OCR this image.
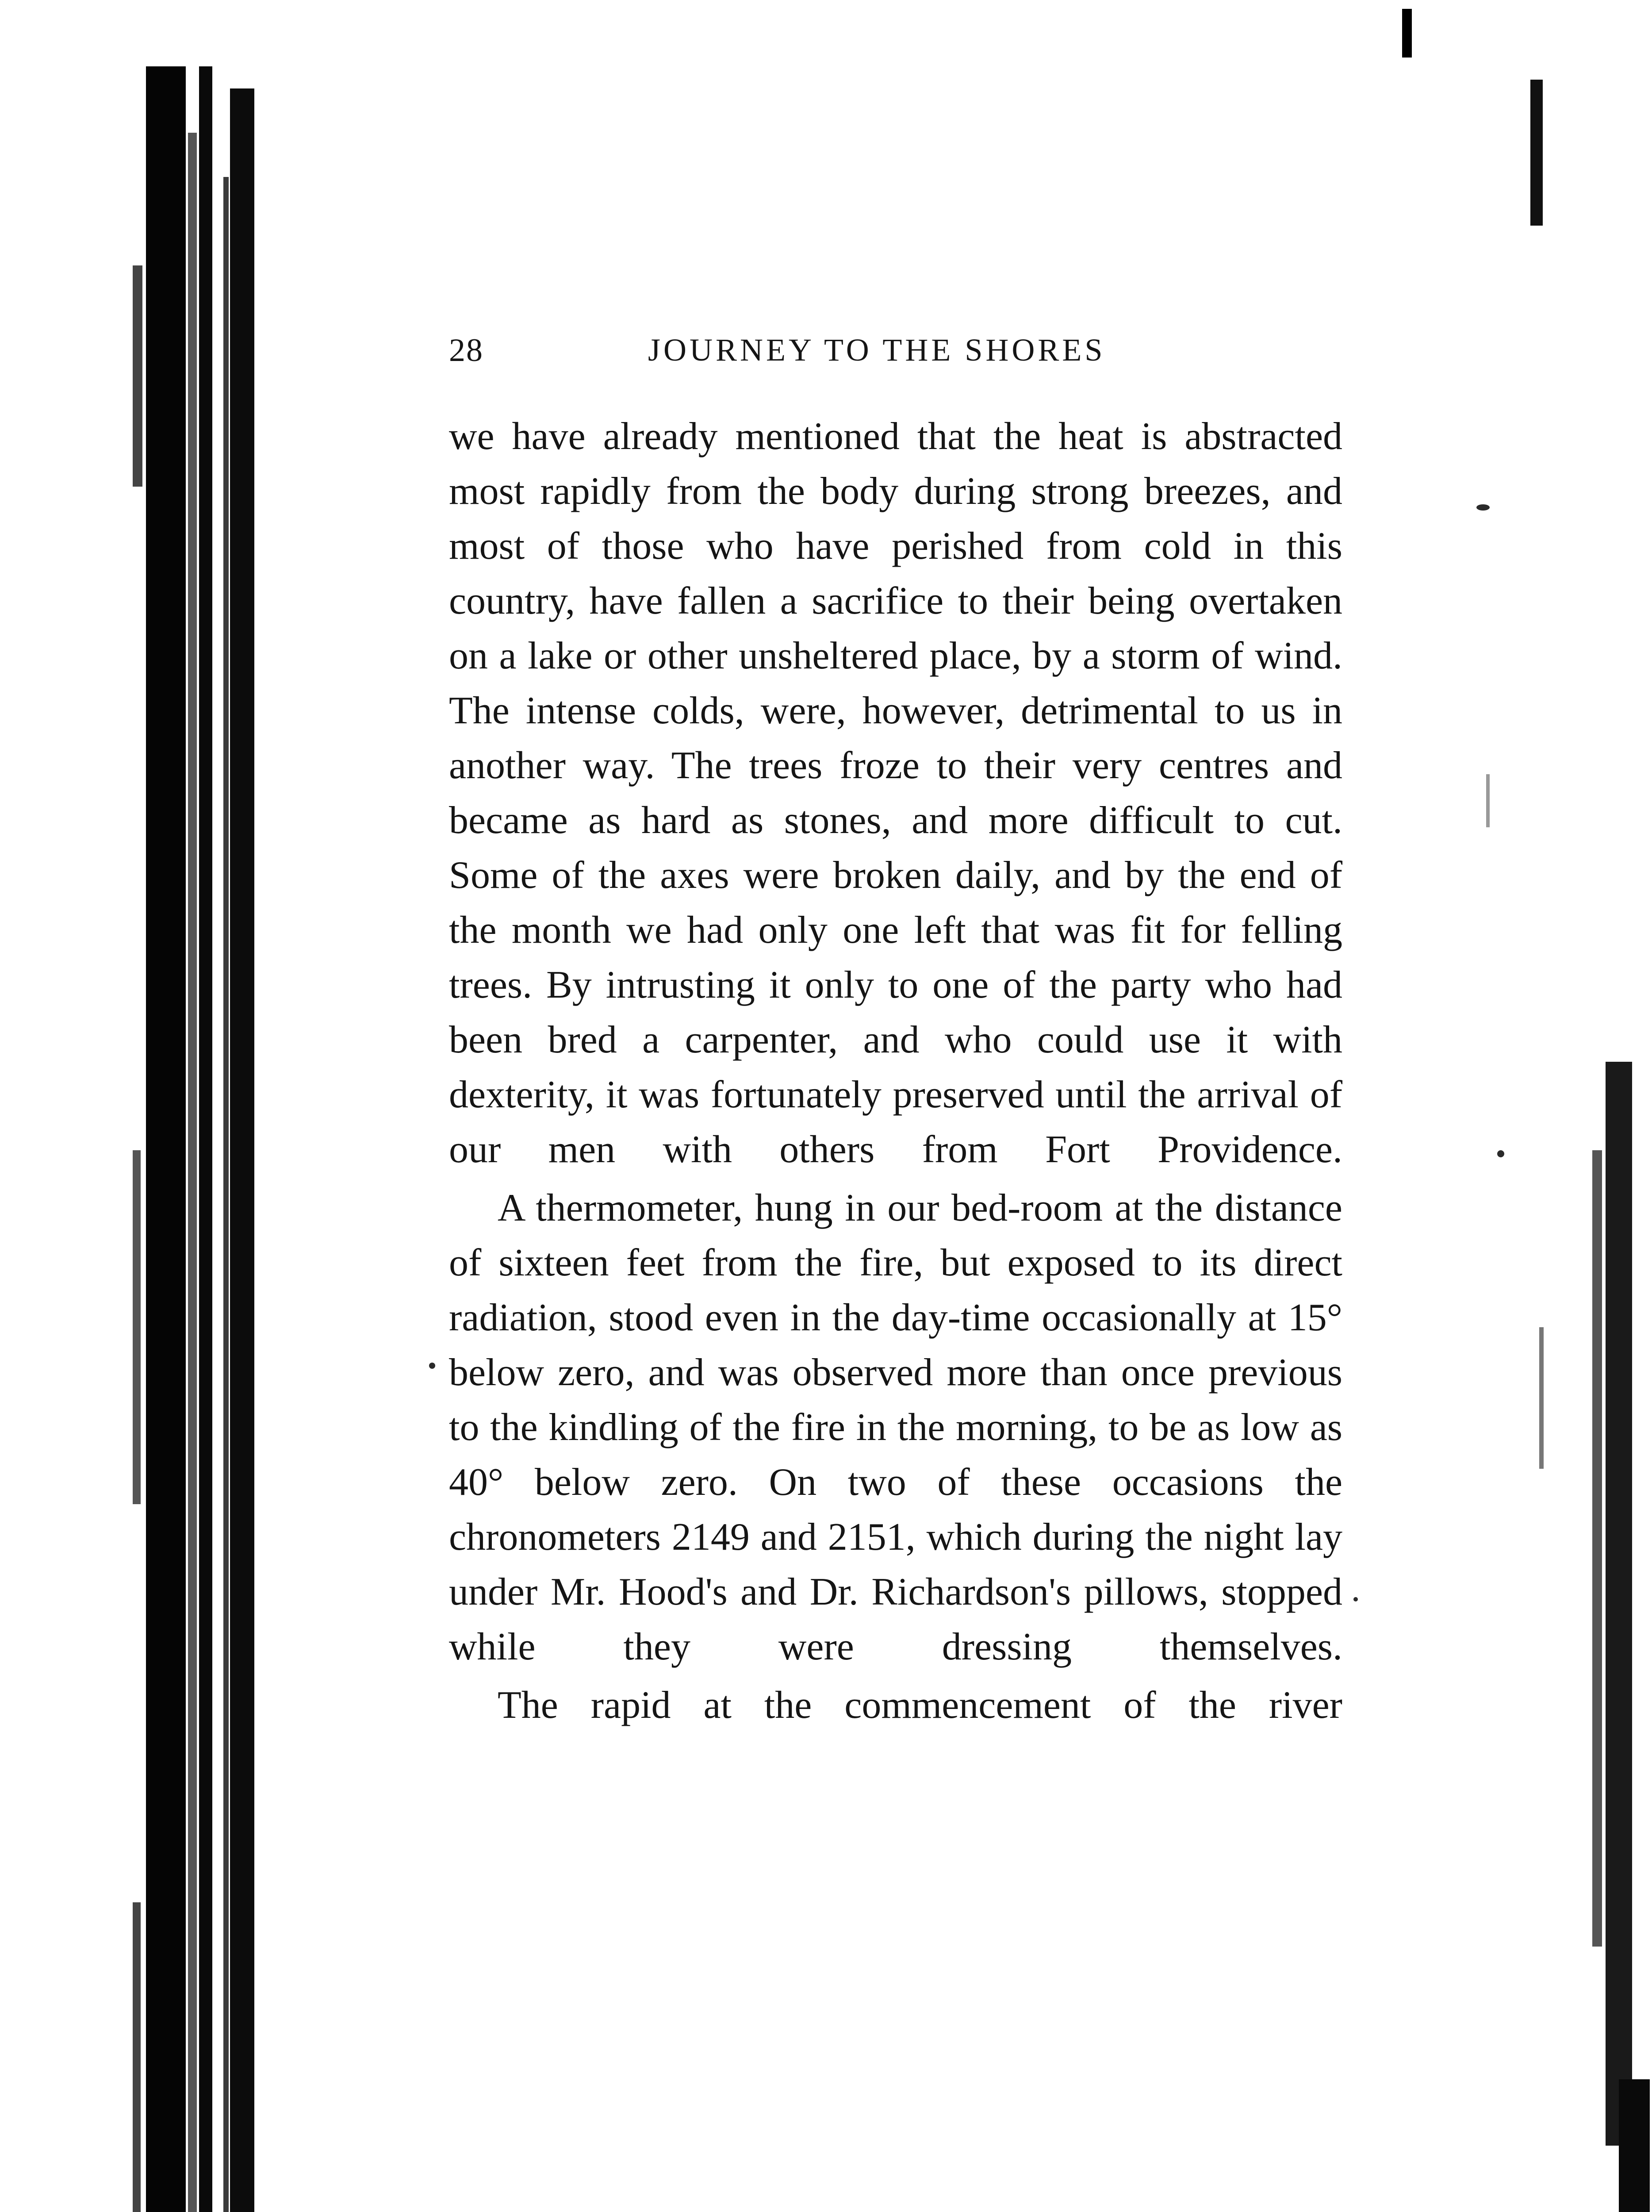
28	JOURNEY TO THE SHORES

we have already mentioned that the heat is abstracted most rapidly from the body during strong breezes, and most of those who have perished from cold in this country, have fallen a sacrifice to their being overtaken on a lake or other unsheltered place, by a storm of wind. The intense colds, were, however, detrimental to us in another way. The trees froze to their very centres and became as hard as stones, and more difficult to cut. Some of the axes were broken daily, and by the end of the month we had only one left that was fit for felling trees. By intrusting it only to one of the party who had been bred a carpenter, and who could use it with dexterity, it was fortunately preserved until the arrival of our men with others from Fort Providence.

A thermometer, hung in our bed-room at the distance of sixteen feet from the fire, but exposed to its direct radiation, stood even in the day-time occasionally at 15° below zero, and was observed more than once previous to the kindling of the fire in the morning, to be as low as 40° below zero. On two of these occasions the chronometers 2149 and 2151, which during the night lay under Mr. Hood's and Dr. Richardson's pillows, stopped while they were dressing themselves.

The rapid at the commencement of the river
